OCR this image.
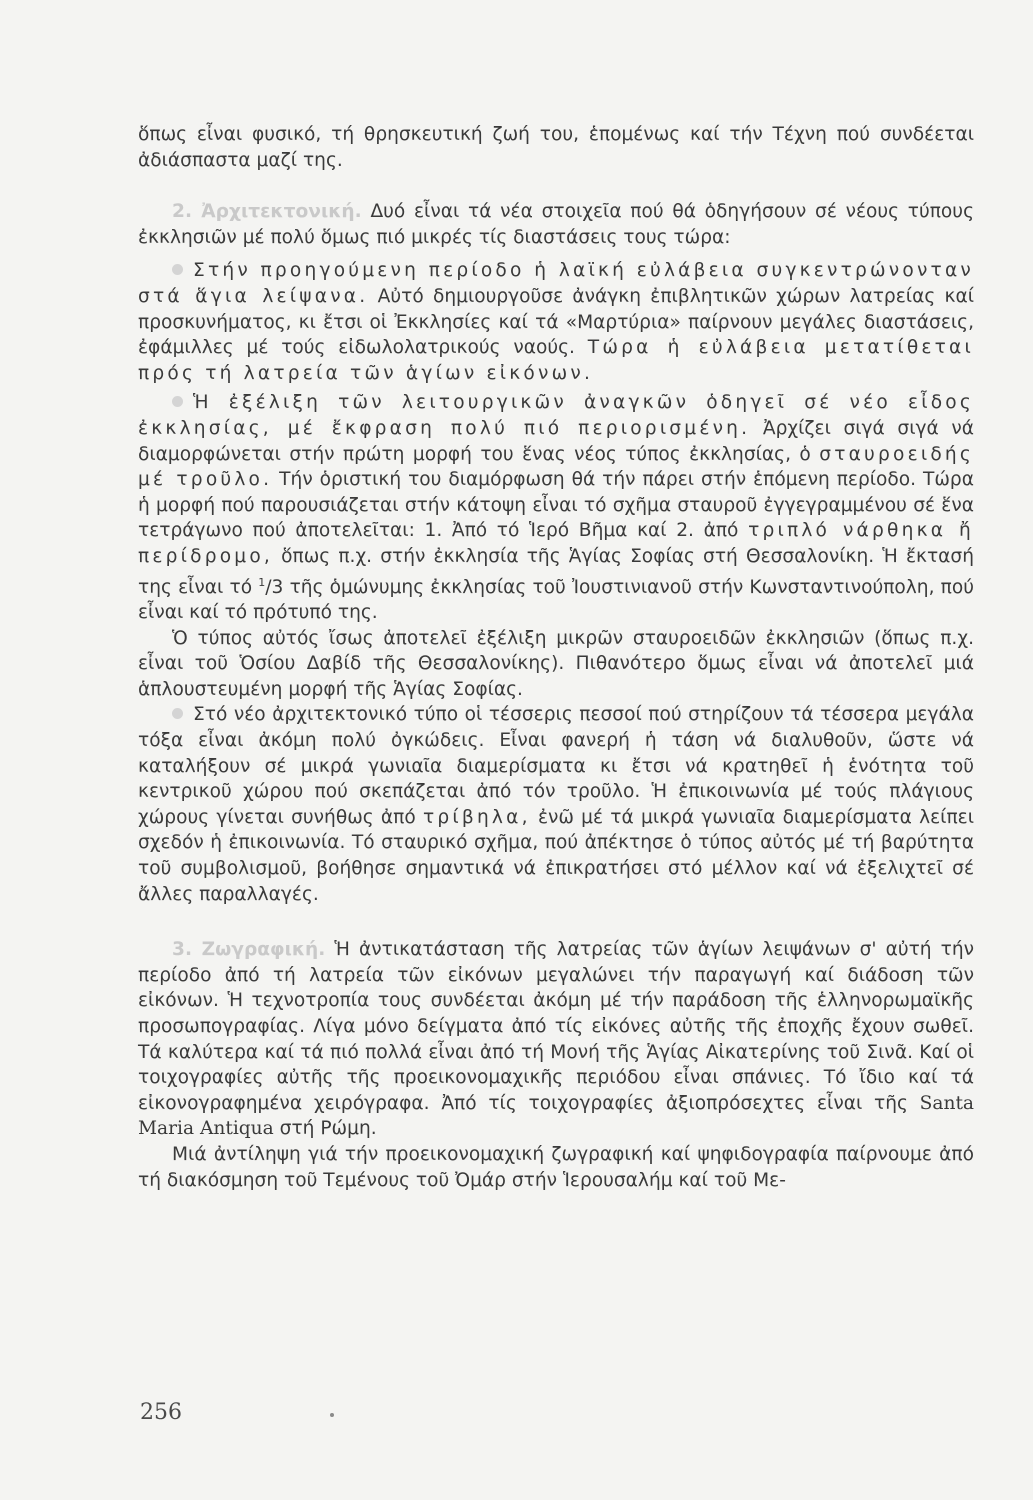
ὅπως εἶναι φυσικό, τή θρησκευτική ζωή του, ἑπομένως καί τήν Τέχνη πού συνδέεται ἀδιάσπαστα μαζί της.

2. Ἀρχιτεκτονική. Δυό εἶναι τά νέα στοιχεῖα πού θά ὁδηγήσουν σέ νέους τύπους ἐκκλησιῶν μέ πολύ ὅμως πιό μικρές τίς διαστάσεις τους τώρα:

Στήν προηγούμενη περίοδο ἡ λαϊκή εὐλάβεια συγκεντρώνονταν στά ἅγια λείψανα. Αὐτό δημιουργοῦσε ἀνάγκη ἐπιβλητικῶν χώρων λατρείας καί προσκυνήματος, κι ἔτσι οἱ Ἐκκλησίες καί τά «Μαρτύρια» παίρνουν μεγάλες διαστάσεις, ἐφάμιλλες μέ τούς εἰδωλολατρικούς ναούς. Τώρα ἡ εὐλάβεια μετατίθεται πρός τή λατρεία τῶν ἁγίων εἰκόνων.

Ἡ ἐξέλιξη τῶν λειτουργικῶν ἀναγκῶν ὁδηγεῖ σέ νέο εἶδος ἐκκλησίας, μέ ἔκφραση πολύ πιό περιορισμένη. Ἀρχίζει σιγά σιγά νά διαμορφώνεται στήν πρώτη μορφή του ἕνας νέος τύπος ἐκκλησίας, ὁ σταυροειδής μέ τροῦλο. Τήν ὁριστική του διαμόρφωση θά τήν πάρει στήν ἑπόμενη περίοδο. Τώρα ἡ μορφή πού παρουσιάζεται στήν κάτοψη εἶναι τό σχῆμα σταυροῦ ἐγγεγραμμένου σέ ἕνα τετράγωνο πού ἀποτελεῖται: 1. Ἀπό τό Ἱερό Βῆμα καί 2. ἀπό τριπλό νάρθηκα ἤ περίδρομο, ὅπως π.χ. στήν ἐκκλησία τῆς Ἁγίας Σοφίας στή Θεσσαλονίκη. Ἡ ἔκτασή της εἶναι τό $^1$/3 τῆς ὁμώνυμης ἐκκλησίας τοῦ Ἰουστινιανοῦ στήν Κωνσταντινούπολη, πού εἶναι καί τό πρότυπό της.

Ὁ τύπος αὐτός ἴσως ἀποτελεῖ ἐξέλιξη μικρῶν σταυροειδῶν ἐκκλησιῶν (ὅπως π.χ. εἶναι τοῦ Ὁσίου Δαβίδ τῆς Θεσσαλονίκης). Πιθανότερο ὅμως εἶναι νά ἀποτελεῖ μιά ἁπλουστευμένη μορφή τῆς Ἁγίας Σοφίας.

Στό νέο ἀρχιτεκτονικό τύπο οἱ τέσσερις πεσσοί πού στηρίζουν τά τέσσερα μεγάλα τόξα εἶναι ἀκόμη πολύ ὀγκώδεις. Εἶναι φανερή ἡ τάση νά διαλυθοῦν, ὥστε νά καταλήξουν σέ μικρά γωνιαῖα διαμερίσματα κι ἔτσι νά κρατηθεῖ ἡ ἑνότητα τοῦ κεντρικοῦ χώρου πού σκεπάζεται ἀπό τόν τροῦλο. Ἡ ἐπικοινωνία μέ τούς πλάγιους χώρους γίνεται συνήθως ἀπό τρίβηλα, ἐνῶ μέ τά μικρά γωνιαῖα διαμερίσματα λείπει σχεδόν ἡ ἐπικοινωνία. Τό σταυρικό σχῆμα, πού ἀπέκτησε ὁ τύπος αὐτός μέ τή βαρύτητα τοῦ συμβολισμοῦ, βοήθησε σημαντικά νά ἐπικρατήσει στό μέλλον καί νά ἐξελιχτεῖ σέ ἄλλες παραλλαγές.

3. Ζωγραφική. Ἡ ἀντικατάσταση τῆς λατρείας τῶν ἁγίων λειψάνων σ' αὐτή τήν περίοδο ἀπό τή λατρεία τῶν εἰκόνων μεγαλώνει τήν παραγωγή καί διάδοση τῶν εἰκόνων. Ἡ τεχνοτροπία τους συνδέεται ἀκόμη μέ τήν παράδοση τῆς ἑλληνορωμαϊκῆς προσωπογραφίας. Λίγα μόνο δείγματα ἀπό τίς εἰκόνες αὐτῆς τῆς ἐποχῆς ἔχουν σωθεῖ. Τά καλύτερα καί τά πιό πολλά εἶναι ἀπό τή Μονή τῆς Ἁγίας Αἰκατερίνης τοῦ Σινᾶ. Καί οἱ τοιχογραφίες αὐτῆς τῆς προεικονομαχικῆς περιόδου εἶναι σπάνιες. Τό ἴδιο καί τά εἰκονογραφημένα χειρόγραφα. Ἀπό τίς τοιχογραφίες ἀξιοπρόσεχτες εἶναι τῆς Santa Maria Antiqua στή Ρώμη.

Μιά ἀντίληψη γιά τήν προεικονομαχική ζωγραφική καί ψηφιδογραφία παίρνουμε ἀπό τή διακόσμηση τοῦ Τεμένους τοῦ Ὀμάρ στήν Ἱερουσαλήμ καί τοῦ Με-

256
